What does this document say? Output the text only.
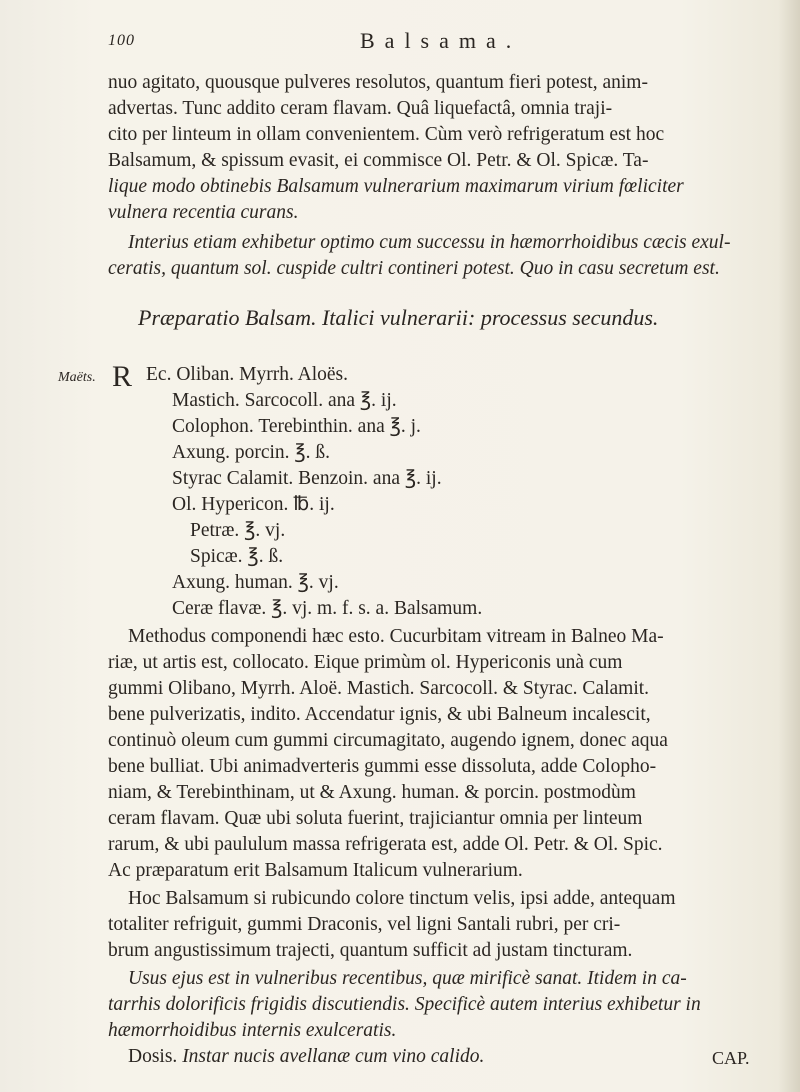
100	Balsama.
nuo agitato, quousque pulveres resolutos, quantum fieri potest, anim-
advertas. Tunc addito ceram flavam. Quâ liquefactâ, omnia traji-
cito per linteum in ollam convenientem. Cùm verò refrigeratum est hoc
Balsamum, & spissum evasit, ei commisce Ol. Petr. & Ol. Spicæ. Ta-
lique modo obtinebis Balsamum vulnerarium maximarum virium fœliciter
vulnera recentia curans.
Interius etiam exhibetur optimo cum successu in hæmorrhoidibus cæcis exul-
ceratis, quantum sol. cuspide cultri contineri potest. Quo in casu secretum est.
Præparatio Balsam. Italici vulnerarii: processus secundus.
Maëts. R Ec. Oliban. Myrrh. Aloës.
Mastich. Sarcocoll. ana ℥. ij.
Colophon. Terebinthin. ana ℥. j.
Axung. porcin. ℥. ß.
Styrac Calamit. Benzoin. ana ℥. ij.
Ol. Hypericon. ℔. ij.
Petræ. ℥. vj.
Spicæ. ℥. ß.
Axung. human. ℥. vj.
Ceræ flavæ. ℥. vj. m. f. s. a. Balsamum.
Methodus componendi hæc esto. Cucurbitam vitream in Balneo Ma-
riæ, ut artis est, collocato. Eique primùm ol. Hypericonis unà cum
gummi Olibano, Myrrh. Aloë. Mastich. Sarcocoll. & Styrac. Calamit.
bene pulverizatis, indito. Accendatur ignis, & ubi Balneum incalescit,
continuò oleum cum gummi circumagitato, augendo ignem, donec aqua
bene bulliat. Ubi animadverteris gummi esse dissoluta, adde Colopho-
niam, & Terebinthinam, ut & Axung. human. & porcin. postmodùm
ceram flavam. Quæ ubi soluta fuerint, trajiciantur omnia per linteum
rarum, & ubi paululum massa refrigerata est, adde Ol. Petr. & Ol. Spic.
Ac præparatum erit Balsamum Italicum vulnerarium.
Hoc Balsamum si rubicundo colore tinctum velis, ipsi adde, antequam
totaliter refriguit, gummi Draconis, vel ligni Santali rubri, per cri-
brum angustissimum trajecti, quantum sufficit ad justam tincturam.
Usus ejus est in vulneribus recentibus, quæ mirificè sanat. Itidem in ca-
tarrhis dolorificis frigidis discutiendis. Specificè autem interius exhibetur in
hæmorrhoidibus internis exulceratis.
Dosis. Instar nucis avellanæ cum vino calido.	CAP.
